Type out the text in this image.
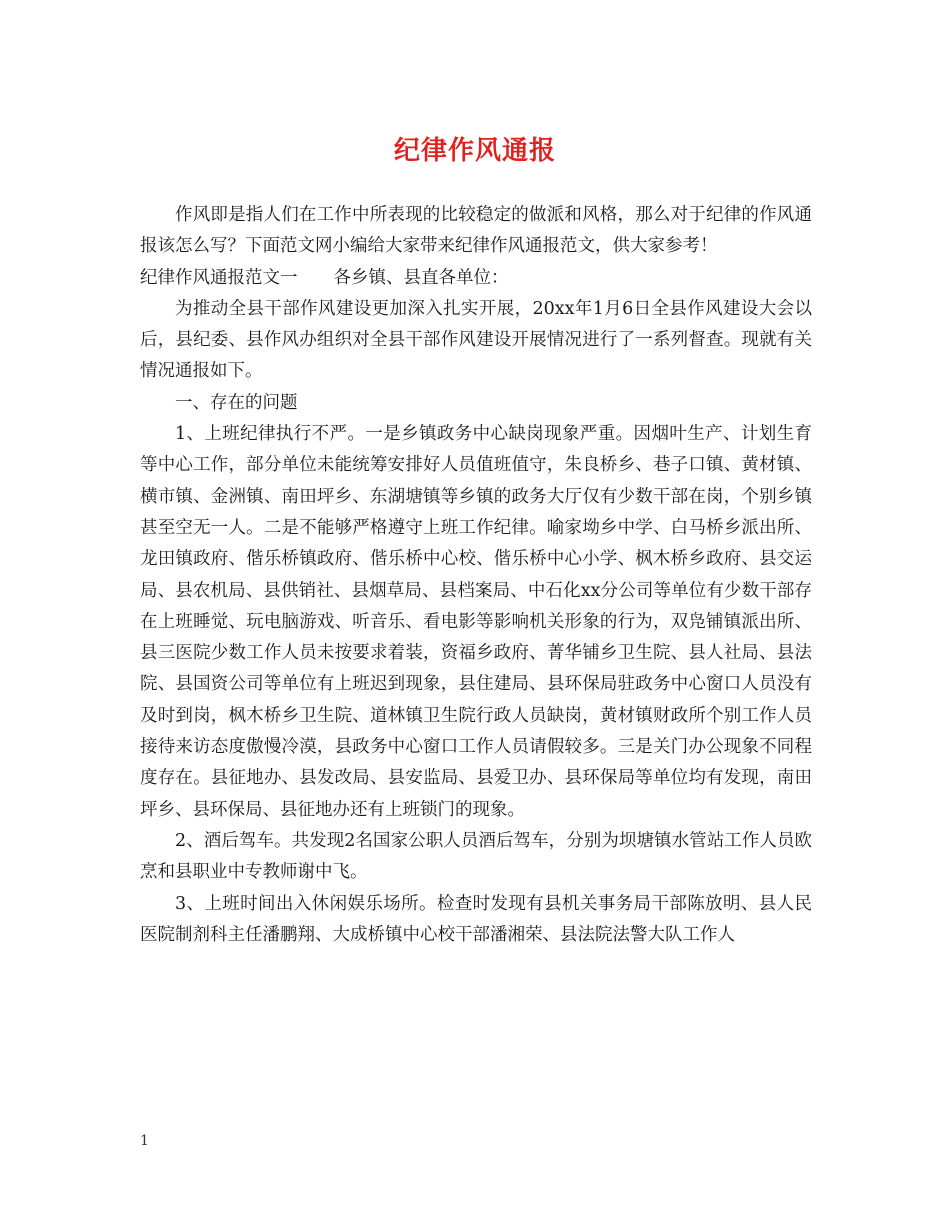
纪律作风通报

作风即是指人们在工作中所表现的比较稳定的做派和风格，那么对于纪律的作风通报该怎么写？下面范文网小编给大家带来纪律作风通报范文，供大家参考！

纪律作风通报范文一 各乡镇、县直各单位：

为推动全县干部作风建设更加深入扎实开展，20xx年1月6日全县作风建设大会以后，县纪委、县作风办组织对全县干部作风建设开展情况进行了一系列督查。现就有关情况通报如下。

一、存在的问题

1、上班纪律执行不严。一是乡镇政务中心缺岗现象严重。因烟叶生产、计划生育等中心工作，部分单位未能统筹安排好人员值班值守，朱良桥乡、巷子口镇、黄材镇、横市镇、金洲镇、南田坪乡、东湖塘镇等乡镇的政务大厅仅有少数干部在岗，个别乡镇甚至空无一人。二是不能够严格遵守上班工作纪律。喻家坳乡中学、白马桥乡派出所、龙田镇政府、偕乐桥镇政府、偕乐桥中心校、偕乐桥中心小学、枫木桥乡政府、县交运局、县农机局、县供销社、县烟草局、县档案局、中石化xx分公司等单位有少数干部存在上班睡觉、玩电脑游戏、听音乐、看电影等影响机关形象的行为，双凫铺镇派出所、县三医院少数工作人员未按要求着装，资福乡政府、菁华铺乡卫生院、县人社局、县法院、县国资公司等单位有上班迟到现象，县住建局、县环保局驻政务中心窗口人员没有及时到岗，枫木桥乡卫生院、道林镇卫生院行政人员缺岗，黄材镇财政所个别工作人员接待来访态度傲慢冷漠，县政务中心窗口工作人员请假较多。三是关门办公现象不同程度存在。县征地办、县发改局、县安监局、县爱卫办、县环保局等单位均有发现，南田坪乡、县环保局、县征地办还有上班锁门的现象。

2、酒后驾车。共发现2名国家公职人员酒后驾车，分别为坝塘镇水管站工作人员欧烹和县职业中专教师谢中飞。

3、上班时间出入休闲娱乐场所。检查时发现有县机关事务局干部陈放明、县人民医院制剂科主任潘鹏翔、大成桥镇中心校干部潘湘荣、县法院法警大队工作人

1
